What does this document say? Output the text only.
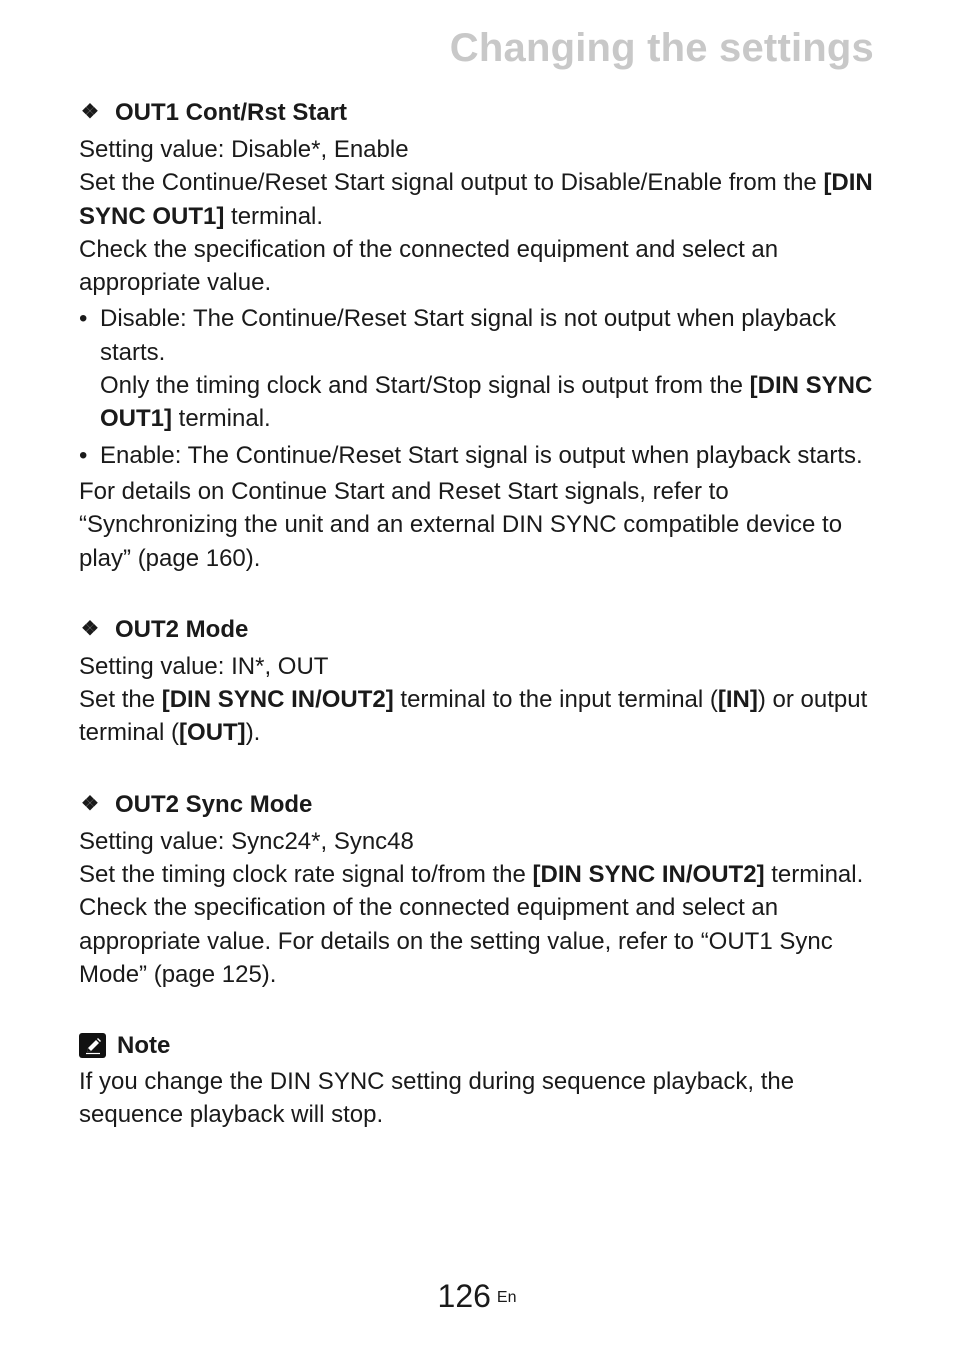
Changing the settings
❖ OUT1 Cont/Rst Start

Setting value: Disable*, Enable

Set the Continue/Reset Start signal output to Disable/Enable from the [DIN SYNC OUT1] terminal.

Check the specification of the connected equipment and select an appropriate value.

• Disable: The Continue/Reset Start signal is not output when playback starts.

Only the timing clock and Start/Stop signal is output from the [DIN SYNC OUT1] terminal.

• Enable: The Continue/Reset Start signal is output when playback starts.

For details on Continue Start and Reset Start signals, refer to “Synchronizing the unit and an external DIN SYNC compatible device to play” (page 160).

❖ OUT2 Mode

Setting value: IN*, OUT

Set the [DIN SYNC IN/OUT2] terminal to the input terminal ([IN]) or output terminal ([OUT]).

❖ OUT2 Sync Mode

Setting value: Sync24*, Sync48

Set the timing clock rate signal to/from the [DIN SYNC IN/OUT2] terminal. Check the specification of the connected equipment and select an appropriate value. For details on the setting value, refer to “OUT1 Sync Mode” (page 125).

Note

If you change the DIN SYNC setting during sequence playback, the sequence playback will stop.

126 $^{En}$
